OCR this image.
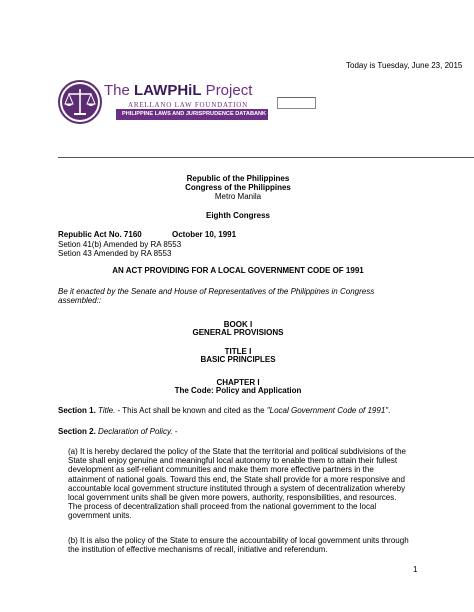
Today is Tuesday, June 23, 2015
The LAWPHiL Project
ARELLANO LAW FOUNDATION
PHILIPPINE LAWS AND JURISPRUDENCE DATABANK
Republic of the Philippines
Congress of the Philippines
Metro Manila
Eighth Congress
Republic Act No. 7160	October 10, 1991
Setion 41(b) Amended by RA 8553
Setion 43 Amended by RA 8553
AN ACT PROVIDING FOR A LOCAL GOVERNMENT CODE OF 1991
Be it enacted by the Senate and House of Representatives of the Philippines in Congress assembled::
BOOK I
GENERAL PROVISIONS
TITLE I
BASIC PRINCIPLES
CHAPTER I
The Code: Policy and Application
Section 1. Title. - This Act shall be known and cited as the "Local Government Code of 1991".
Section 2. Declaration of Policy. -
(a) It is hereby declared the policy of the State that the territorial and political subdivisions of the State shall enjoy genuine and meaningful local autonomy to enable them to attain their fullest development as self-reliant communities and make them more effective partners in the attainment of national goals. Toward this end, the State shall provide for a more responsive and accountable local government structure instituted through a system of decentralization whereby local government units shall be given more powers, authority, responsibilities, and resources. The process of decentralization shall proceed from the national government to the local government units.
(b) It is also the policy of the State to ensure the accountability of local government units through the institution of effective mechanisms of recall, initiative and referendum.
1
